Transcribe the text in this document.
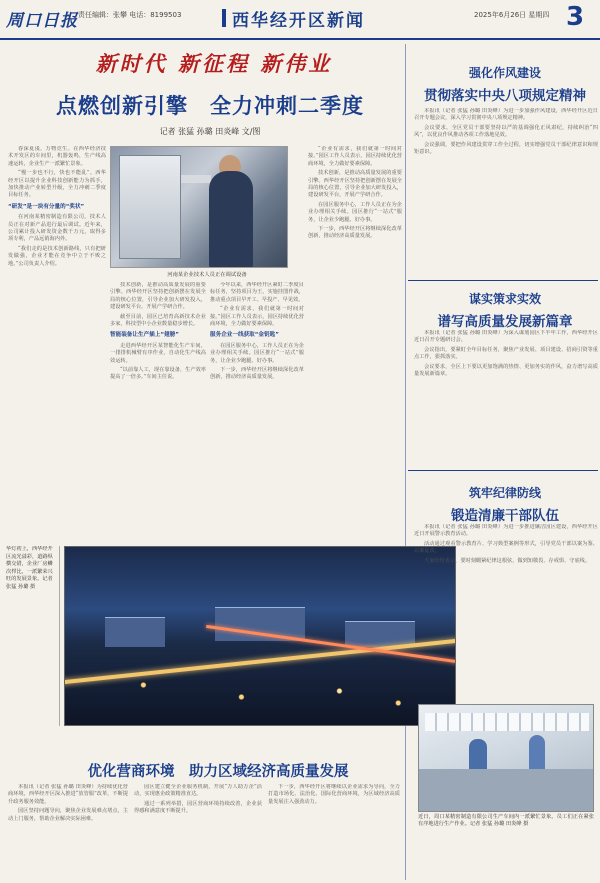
周口日报 责任编辑：张攀 电话：8199503	西华经开区新闻	2025年6月26日 星期四 3
新时代 新征程 新伟业
点燃创新引擎　全力冲刺二季度
记者 张猛 孙璐 田炎峰 文/图

春深夏浅，万物竞生。在西华经济技术开发区的车间里，机器轰鸣，生产线高速运转，企业生产一派繁忙景象。

“慢一步也不行，快也不能乱”。西华经开区以提升企业科技创新能力为抓手，加快推动产业转型升级，全力冲刺二季度目标任务。

“研发”是一块有分量的“奖状”

在河南某精密制造有限公司，技术人员正在对新产品进行最后调试。近年来，公司累计投入研发资金数千万元，取得多项专利，产品远销海内外。

“我们走的是技术创新路线，只有把研发做强，企业才能在竞争中立于不败之地。”公司负责人介绍。

河南某企业技术人员正在调试设备

技术创新，是推动高质量发展的重要引擎。西华经开区坚持把创新摆在发展全局的核心位置，引导企业加大研发投入，建设研发平台，开展产学研合作。

截至目前，园区已培育高新技术企业多家，科技型中小企业数量稳步增长。

智能装备让生产插上“翅膀”

走进西华经开区某智能化生产车间，一排排机械臂有序作业，自动化生产线高效运转。

“以前靠人工，现在靠设备，生产效率提高了一倍多。”车间主任说。

今年以来，西华经开区紧盯二季度目标任务，坚持项目为王，实施挂图作战，推动重点项目早开工、早投产、早见效。

“企业有需求，我们就第一时间对接。”园区工作人员表示，园区持续优化营商环境，全力做好要素保障。

服务企业一线获取“金钥匙”

在园区服务中心，工作人员正在为企业办理相关手续。园区推行“一站式”服务，让企业少跑腿、好办事。

下一步，西华经开区将继续深化改革创新，推动经济高质量发展。

“企业有需求，我们就第一时间对接。”园区工作人员表示，园区持续优化营商环境，全力做好要素保障。

技术创新，是推动高质量发展的重要引擎。西华经开区坚持把创新摆在发展全局的核心位置，引导企业加大研发投入，建设研发平台，开展产学研合作。

在园区服务中心，工作人员正在为企业办理相关手续。园区推行“一站式”服务，让企业少跑腿、好办事。

下一步，西华经开区将继续深化改革创新，推动经济高质量发展。

华灯初上，西华经开区流光溢彩，道路纵横交错，企业厂房鳞次栉比，一派繁荣兴旺的发展景象。记者 张猛 孙璐 摄
优化营商环境　助力区域经济高质量发展

本报讯（记者 张猛 孙璐 田炎峰）为持续优化营商环境，西华经开区深入推进“放管服”改革，不断提升政务服务效能。

园区坚持问题导向，聚焦企业发展难点堵点，主动上门服务，帮助企业解决实际困难。

园区建立健全企业服务机制，开展“万人助万企”活动，实现惠企政策精准直达。

通过一系列举措，园区营商环境持续改善，企业获得感和满意度不断提升。

下一步，西华经开区将继续以企业需求为导向，全力打造市场化、法治化、国际化营商环境，为区域经济高质量发展注入强劲动力。

强化作风建设
贯彻落实中央八项规定精神

本报讯（记者 张猛 孙璐 田炎峰）为进一步加强作风建设，西华经开区近日召开专题会议，深入学习贯彻中央八项规定精神。

会议要求，全区党员干部要坚持以严的基调强化正风肃纪，持续纠治“四风”，以优良作风推动各项工作落地见效。

会议强调，要把作风建设贯穿工作全过程，切实增强党员干部纪律意识和规矩意识。

谋实策求实效
谱写高质量发展新篇章

本报讯（记者 张猛 孙璐 田炎峰）为深入谋划园区下半年工作，西华经开区近日召开专题研讨会。

会议指出，要紧盯全年目标任务，聚焦产业发展、项目建设、招商引资等重点工作，狠抓落实。

会议要求，全区上下要以更加饱满的热情、更加务实的作风，奋力谱写高质量发展新篇章。

筑牢纪律防线
锻造清廉干部队伍

本报讯（记者 张猛 孙璐 田炎峰）为进一步推进廉洁园区建设，西华经开区近日开展警示教育活动。

活动通过观看警示教育片、学习典型案例等形式，引导党员干部以案为鉴、以案促改。

大家纷纷表示，要时刻绷紧纪律这根弦，做到知敬畏、存戒惧、守底线。

近日，周口某精密制造有限公司生产车间内一派繁忙景象。员工们正在紧张有序地进行生产作业。记者 张猛 孙璐 田炎峰 摄
